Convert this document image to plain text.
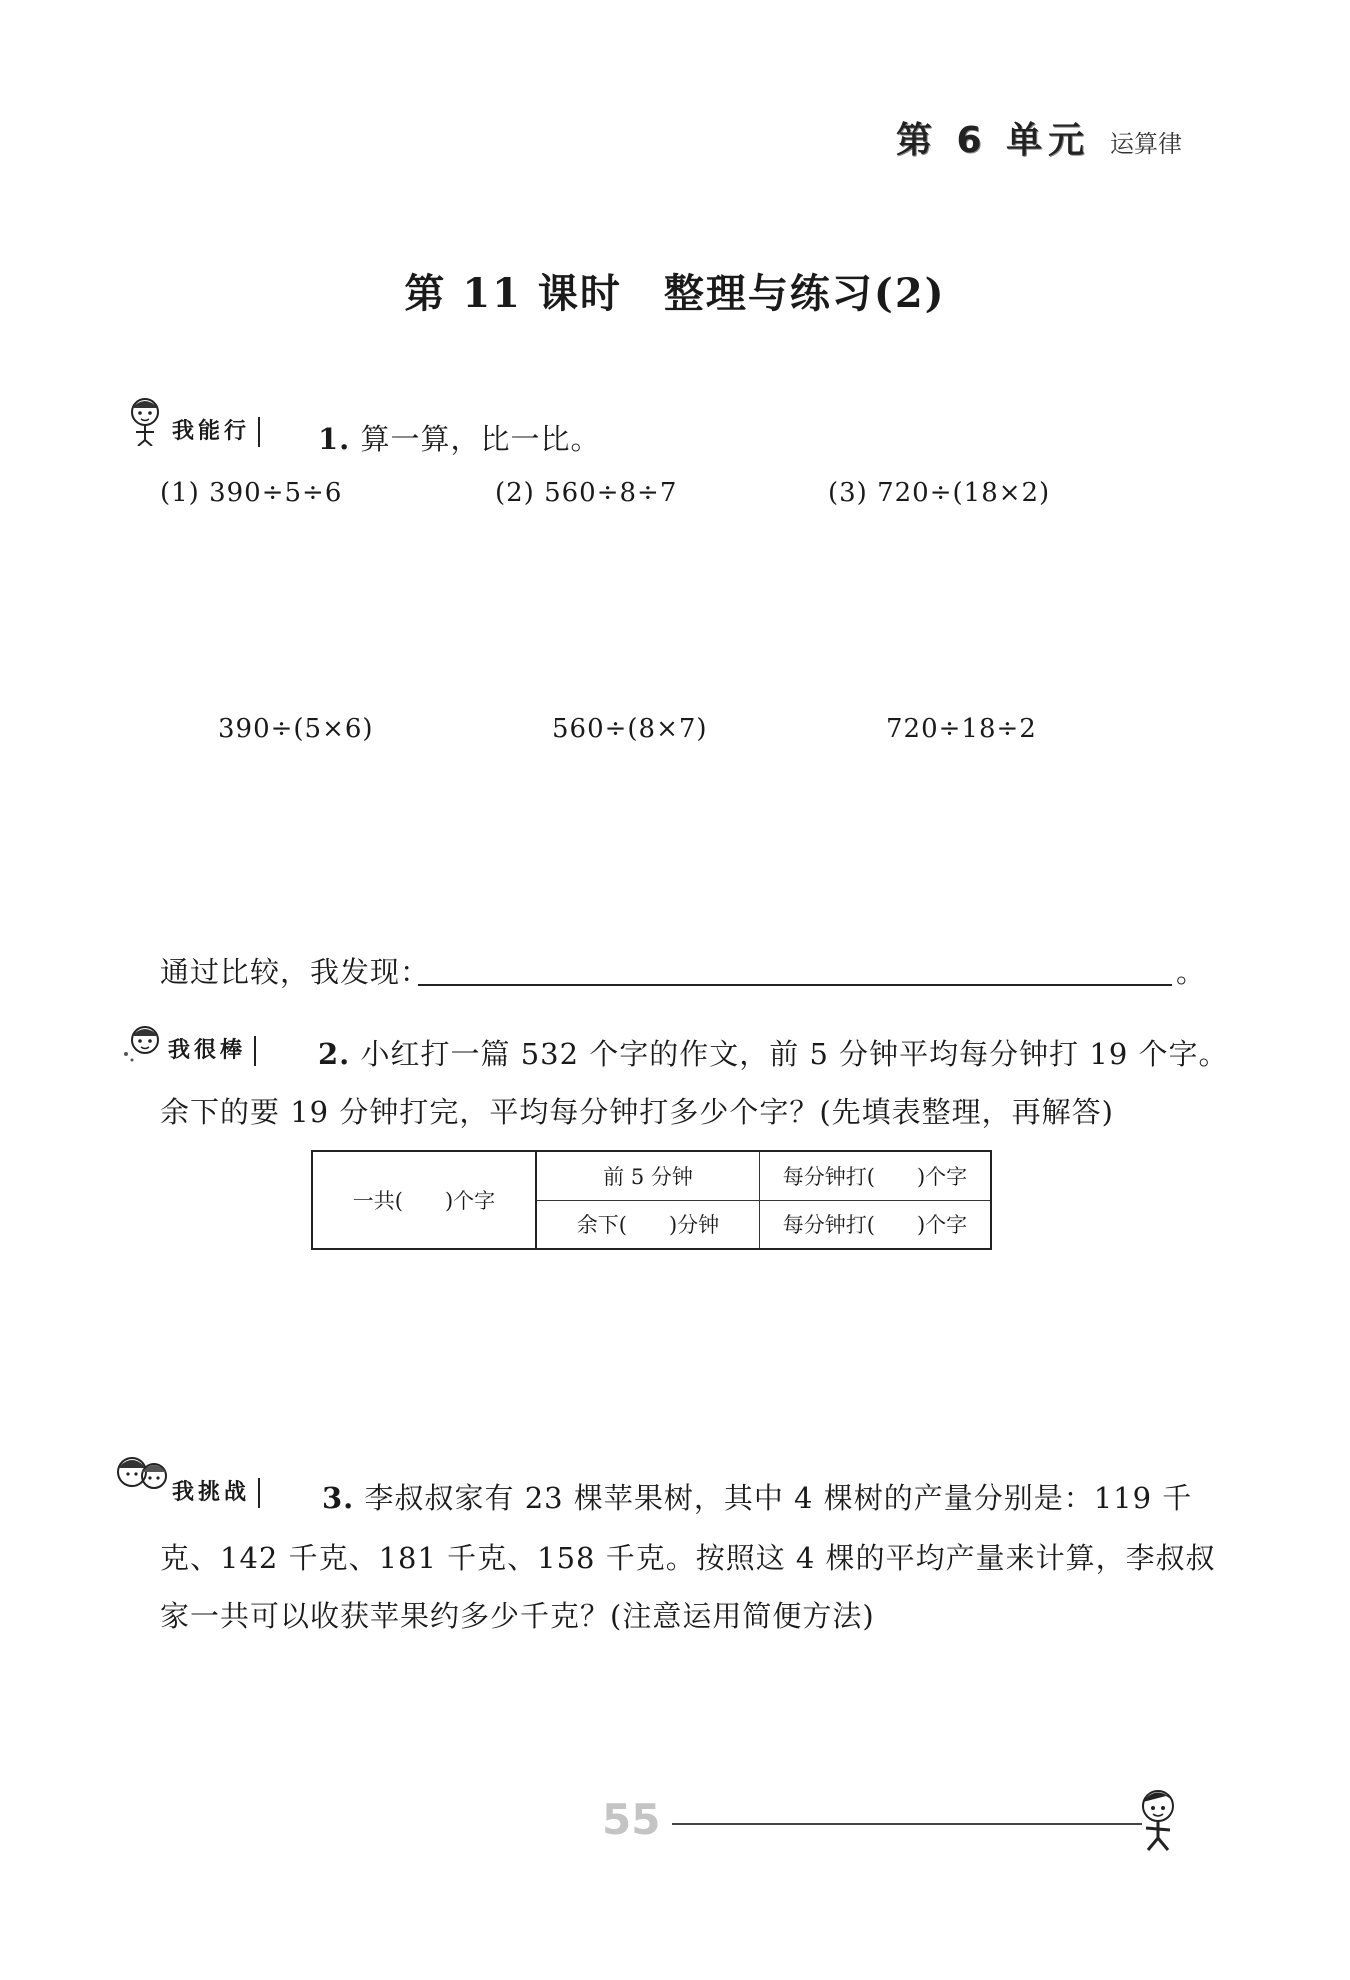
第 6 单元 运算律
第 11 课时　整理与练习(2)
我能行	1. 算一算，比一比。
(1) 390÷5÷6	(2) 560÷8÷7	(3) 720÷(18×2)
390÷(5×6)	560÷(8×7)	720÷18÷2
通过比较，我发现：	。
我很棒	2. 小红打一篇 532 个字的作文，前 5 分钟平均每分钟打 19 个字。
余下的要 19 分钟打完，平均每分钟打多少个字？(先填表整理，再解答)
一共(　　)个字	前 5 分钟	每分钟打(　　)个字
	余下(　　)分钟	每分钟打(　　)个字
我挑战	3. 李叔叔家有 23 棵苹果树，其中 4 棵树的产量分别是：119 千
克、142 千克、181 千克、158 千克。按照这 4 棵的平均产量来计算，李叔叔
家一共可以收获苹果约多少千克？(注意运用简便方法)
55
